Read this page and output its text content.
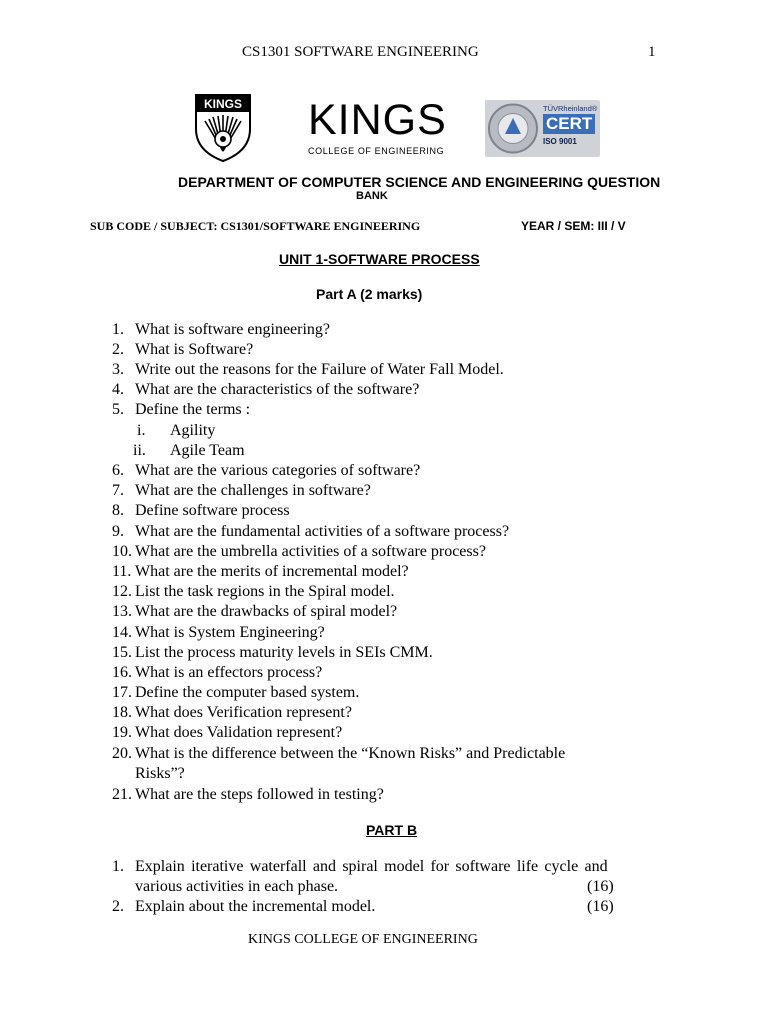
CS1301 SOFTWARE ENGINEERING	1
KINGS KINGS
COLLEGE OF ENGINEERING
TÜVRheinland®
CERT
ISO 9001
DEPARTMENT OF COMPUTER SCIENCE AND ENGINEERING QUESTION
BANK
SUB CODE / SUBJECT: CS1301/SOFTWARE ENGINEERING	YEAR / SEM: III / V
UNIT 1-SOFTWARE PROCESS
Part A (2 marks)
1. What is software engineering?
2. What is Software?
3. Write out the reasons for the Failure of Water Fall Model.
4. What are the characteristics of the software?
5. Define the terms :
i. Agility
ii. Agile Team
6. What are the various categories of software?
7. What are the challenges in software?
8. Define software process
9. What are the fundamental activities of a software process?
10. What are the umbrella activities of a software process?
11. What are the merits of incremental model?
12. List the task regions in the Spiral model.
13. What are the drawbacks of spiral model?
14. What is System Engineering?
15. List the process maturity levels in SEIs CMM.
16. What is an effectors process?
17. Define the computer based system.
18. What does Verification represent?
19. What does Validation represent?
20. What is the difference between the “Known Risks” and Predictable
Risks”?
21. What are the steps followed in testing?
PART B
1. Explain iterative waterfall and spiral model for software life cycle and
various activities in each phase.	(16)
2. Explain about the incremental model.	(16)
KINGS COLLEGE OF ENGINEERING
